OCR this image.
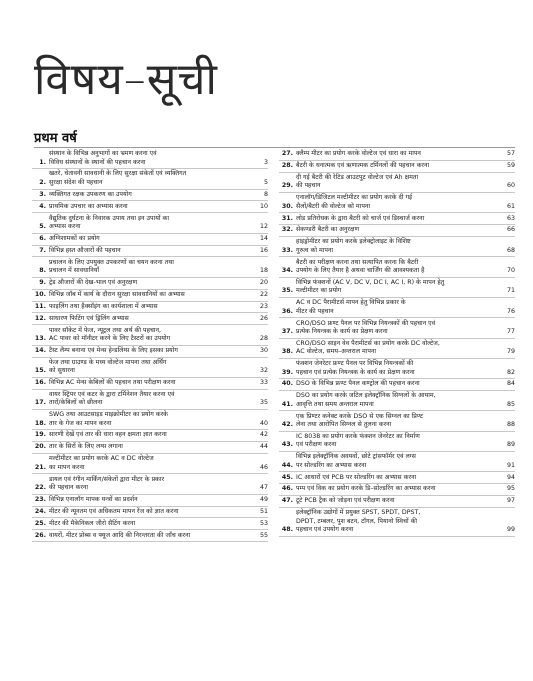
विषय–सूची
प्रथम वर्ष
1.
संस्थान के विभिन्न अनुभागों का भ्रमण करना एवं
विविध संस्थानों के स्थानों की पहचान करना	3
2.
खतरे, चेतावनी सावधानी के लिए सुरक्षा संकेतों एवं व्यक्तिगत
सुरक्षा संदेश की पहचान	5
3. व्यक्तिगत रक्षक उपकरण का उपयोग	8
4. प्राथमिक उपचार का अभ्यास करना	10
5.
वैद्युतिक दुर्घटना के निवारक उपाय तथा इन उपायों का
अभ्यास करना	12
6. अग्निशामकों का प्रयोग	14
7. विभिन्न हस्त औजारों की पहचान	16
8.
प्रचालन के लिए उपयुक्त उपकरणों का चयन करना तथा
प्रचालन में सावधानियाँ	18
9. ट्रेड औजारों की देख-भाल एवं अनुरक्षण	20
10. विभिन्न जॉब में कार्य के दौरान सुरक्षा सावधानियों का अभ्यास	22
11. फाइलिंग तथा हैक्सॉइंग का कार्यशाला में अभ्यास	23
12. साधारण फिटिंग एवं ड्रिलिंग अभ्यास	26
13.
पावर सॉकेट में फेज, न्यूट्रल तथा अर्थ की पहचान,
AC पावर को मॉनीटर करने के लिए टैस्टरों का उपयोग	28
14. टैस्ट लैम्प बनाना एवं मेन्स हेन्डलिंग्स के लिए इसका प्रयोग	30
15.
फेज तथा ग्राउण्ड के मध्य वोल्टेज मापना तथा अर्थिंग
को सुधारना	32
16. विभिन्न AC मेन्स केबिलों की पहचान तथा परीक्षण करना	33
17.
वायर स्ट्रिपर एवं कटर के द्वारा टर्मिनेशन तैयार करना एवं
तारों/केबिलों को छीलना	35
18.
SWG तथा आउटसाइड माइक्रोमीटर का प्रयोग करके
तार के गेज का मापन करना	40
19. सारणी देखें एवं तार की धारा वहन क्षमता ज्ञात करना	42
20. तार के सिरों के लिए लग्स लगाना	44
21.
मल्टीमीटर का प्रयोग करके AC व DC वोल्टेज
का मापन करना	46
22.
डायल एवं रंगीन मार्किंग/संकेतों द्वारा मीटर के प्रकार
की पहचान करना	47
23. विभिन्न एनालॉग मापक यन्त्रों का प्रदर्शन	49
24. मीटर की न्यूनतम एवं अधिकतम मापन रेंज को ज्ञात करना	51
25. मीटर की मैकेनिकल जीरो सैटिंग करना	53
26. वायरों, मीटर प्रोब्स व फ्यूज आदि की निरन्तरता की जाँच करना	55
27. क्लैम्प मीटर का प्रयोग करके वोल्टेज एवं धारा का मापन	57
28. बैटरी के धनात्मक एवं ऋणात्मक टर्मिनलों की पहचान करना	59
29.
दी गई बैटरी की रेटिड आउटपुट वोल्टेज एवं Ah क्षमता
की पहचान	60
30.
एनालॉग/डिजिटल मल्टीमीटर का प्रयोग करके दी गई
सैलों/बैटरी की वोल्टेज को मापना	61
31. लोड प्रतिरोधक के द्वारा बैटरी को चार्ज एवं डिस्चार्ज करना	63
32. सेकण्डरी बैटरी का अनुरक्षण	66
33.
हाइड्रोमीटर का प्रयोग करके इलेक्ट्रोलाइट के विशिष्ट
गुरुत्व को मापना	68
34.
बैटरी का परीक्षण करना तथा सत्यापित करना कि बैटरी
उपयोग के लिए तैयार है अथवा चार्जिंग की आवश्यकता है	70
35.
विभिन्न फंक्शनों (AC V, DC V, DC I, AC I, R) के मापन हेतु
मल्टीमीटर का प्रयोग	71
36.
AC व DC पैरामीटर्स मापन हेतु विभिन्न प्रकार के
मीटर की पहचान	76
37.
CRO/DSO फ्रण्ट पैनल पर विभिन्न नियन्त्रकों की पहचान एवं
प्रत्येक नियन्त्रक के कार्य का प्रेक्षण करना	77
38.
CRO/DSO साइन वेव पैरामीटर्स का प्रयोग करके DC वोल्टेज,
AC वोल्टेज, समय–अन्तराल मापना	79
39.
फंक्शन जेनरेटर फ्रण्ट पैनल पर विभिन्न नियन्त्रकों की
पहचान एवं प्रत्येक नियन्त्रक के कार्य का प्रेक्षण करना	82
40. DSO के विभिन्न फ्रण्ट पैनल कण्ट्रोल की पहचान करना	84
41.
DSO का प्रयोग करके जटिल इलेक्ट्रॉनिक सिग्नलों के आयाम,
आवृत्ति तथा समय अन्तराल मापना	85
42.
एक प्रिण्टर कनेक्ट करके DSO से एक सिग्नल का प्रिण्ट
लेना तथा आरोपित सिग्नल से तुलना करना	88
43.
IC 8038 का प्रयोग करके फंक्शन जेनरेटर का निर्माण
एवं परीक्षण करना	89
44.
विभिन्न इलेक्ट्रॉनिक अवयवों, छोटे ट्रांसफॉर्मर एवं लग्स
पर सोल्डरिंग का अभ्यास करना	91
45. IC आधारों एवं PCB पर सोल्डरिंग का अभ्यास करना	94
46. पम्प एवं विक का प्रयोग करके डि–सोल्डरिंग का अभ्यास करना	95
47. टूटे PCB ट्रैक को जोड़ना एवं परीक्षण करना	97
48.
इलेक्ट्रॉनिक उद्योगों में प्रयुक्त SPST, SPDT, DPST,
DPDT, टम्बलर, पुश बटन, टॉगल, पियानो स्विचों की
पहचान एवं उपयोग करना	99
